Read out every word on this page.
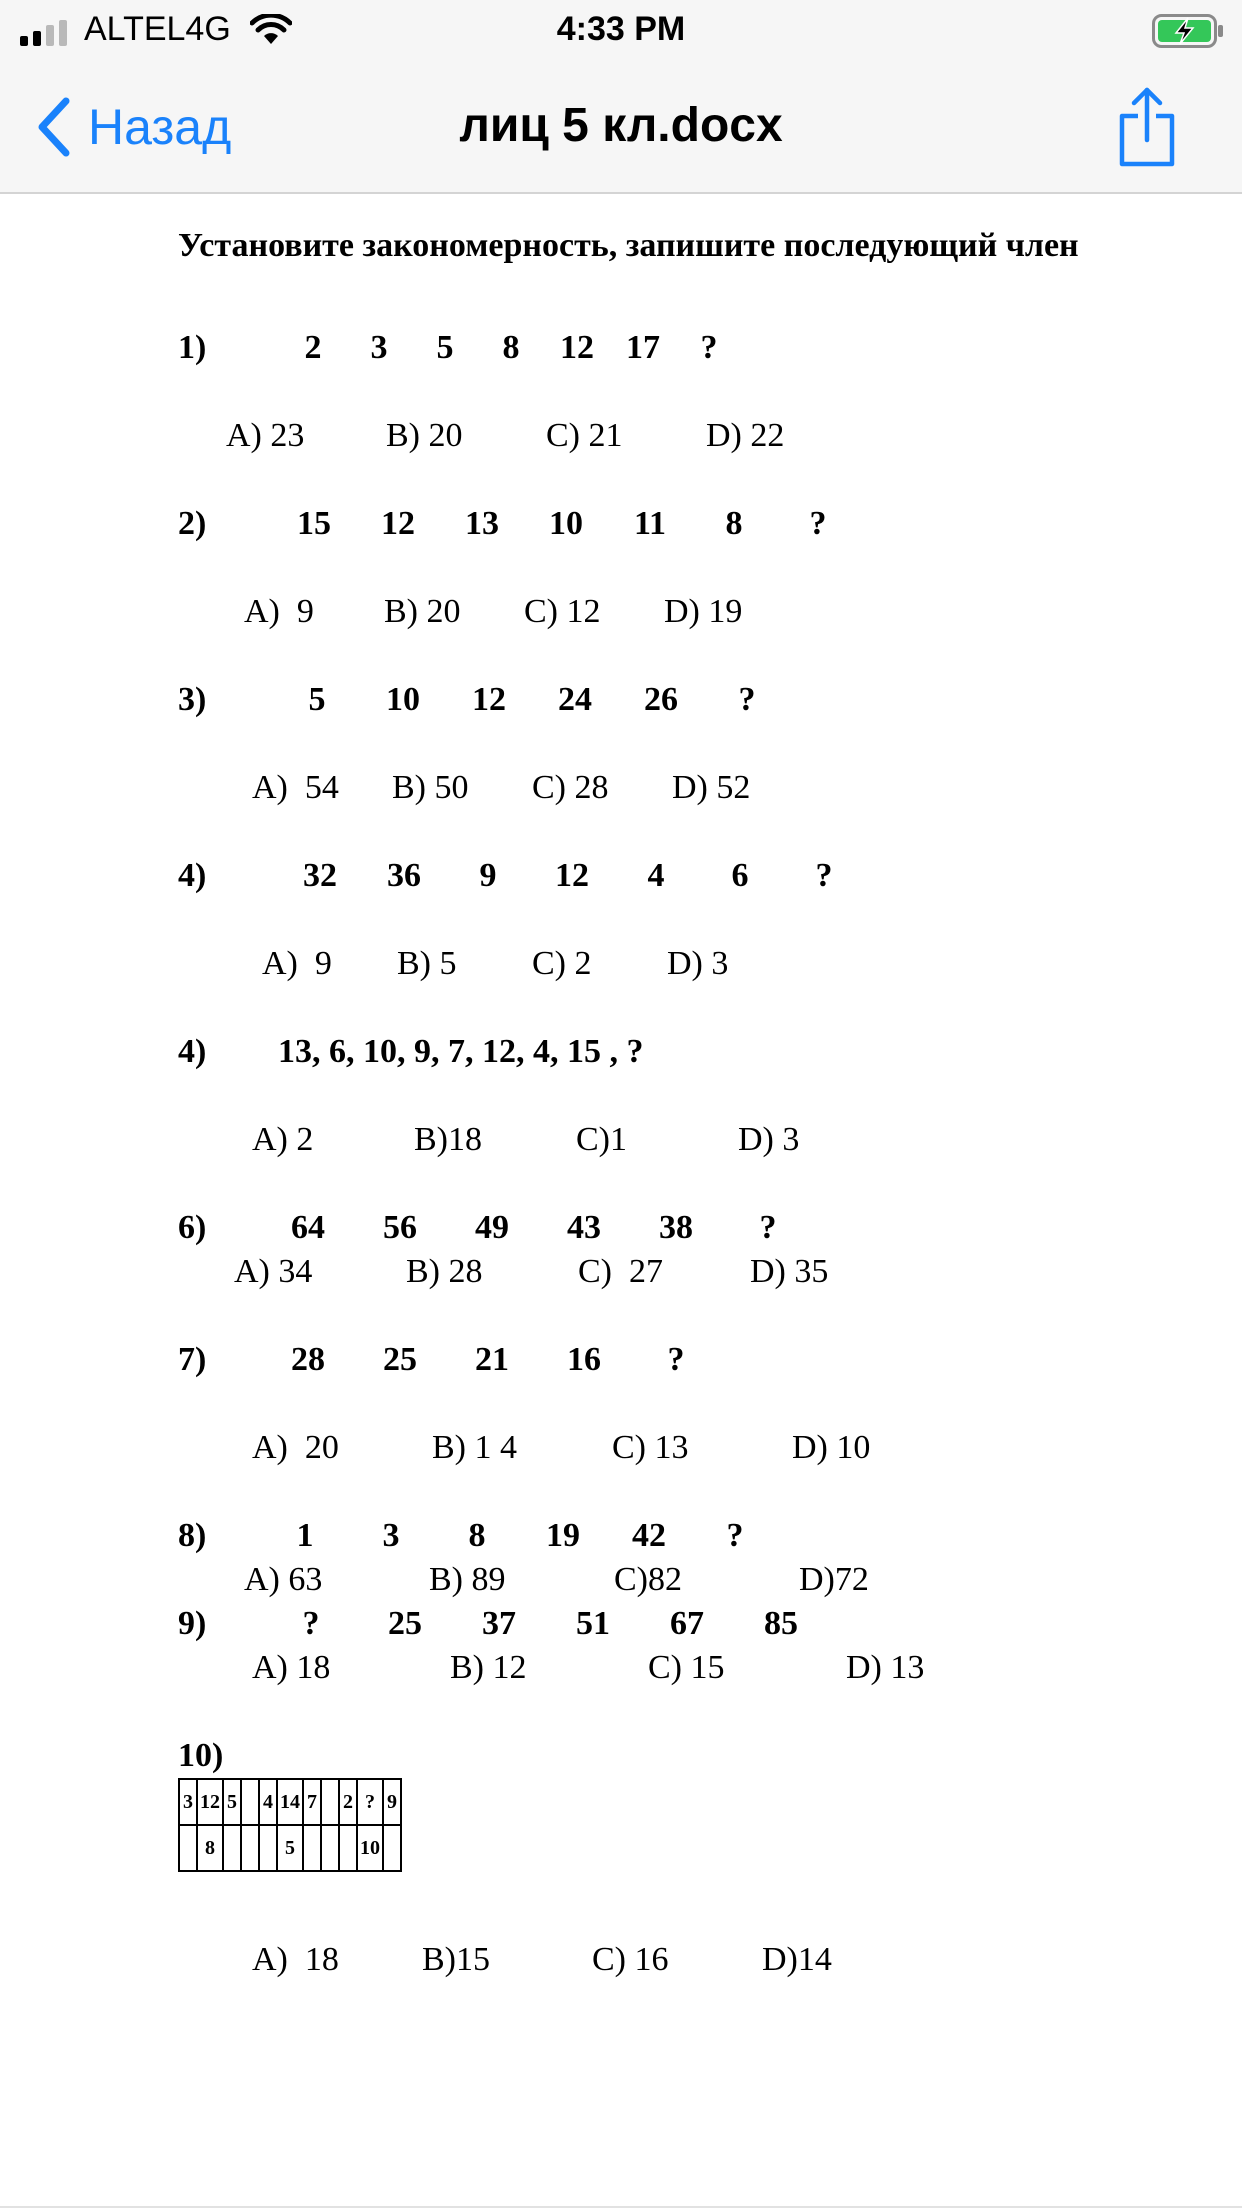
ALTEL4G	4:33 PM
Назад	лиц 5 кл.docx
Установите закономерность, запишите последующий член
1)	2	3	5	8	12 17	?
A) 23	B) 20	C) 21	D) 22
2)	15	12	13	10	11	8	?
A)  9	B) 20	C) 12	D) 19
3)	5	10	12	24	26	?
A)  54	B) 50	C) 28	D) 52
4)	32	36	9	12	4	6	?
A)  9	B) 5	C) 2	D) 3
4)	13, 6, 10, 9, 7, 12, 4, 15 , ?
A) 2	B)18	C)1	D) 3
6)	64	56	49	43	38	?
A) 34	B) 28	C)  27	D) 35
7)	28	25	21	16	?
A)  20	B) 1 4	C) 13	D) 10
8)	1	3	8	19	42	?
A) 63	B) 89	C)82	D)72
9)	?	25	37	51	67	85
A) 18	B) 12	C) 15	D) 13
10)
3	12	5		4	14	7		2	?	9
	8				5				10	
A)  18	B)15	C) 16	D)14
